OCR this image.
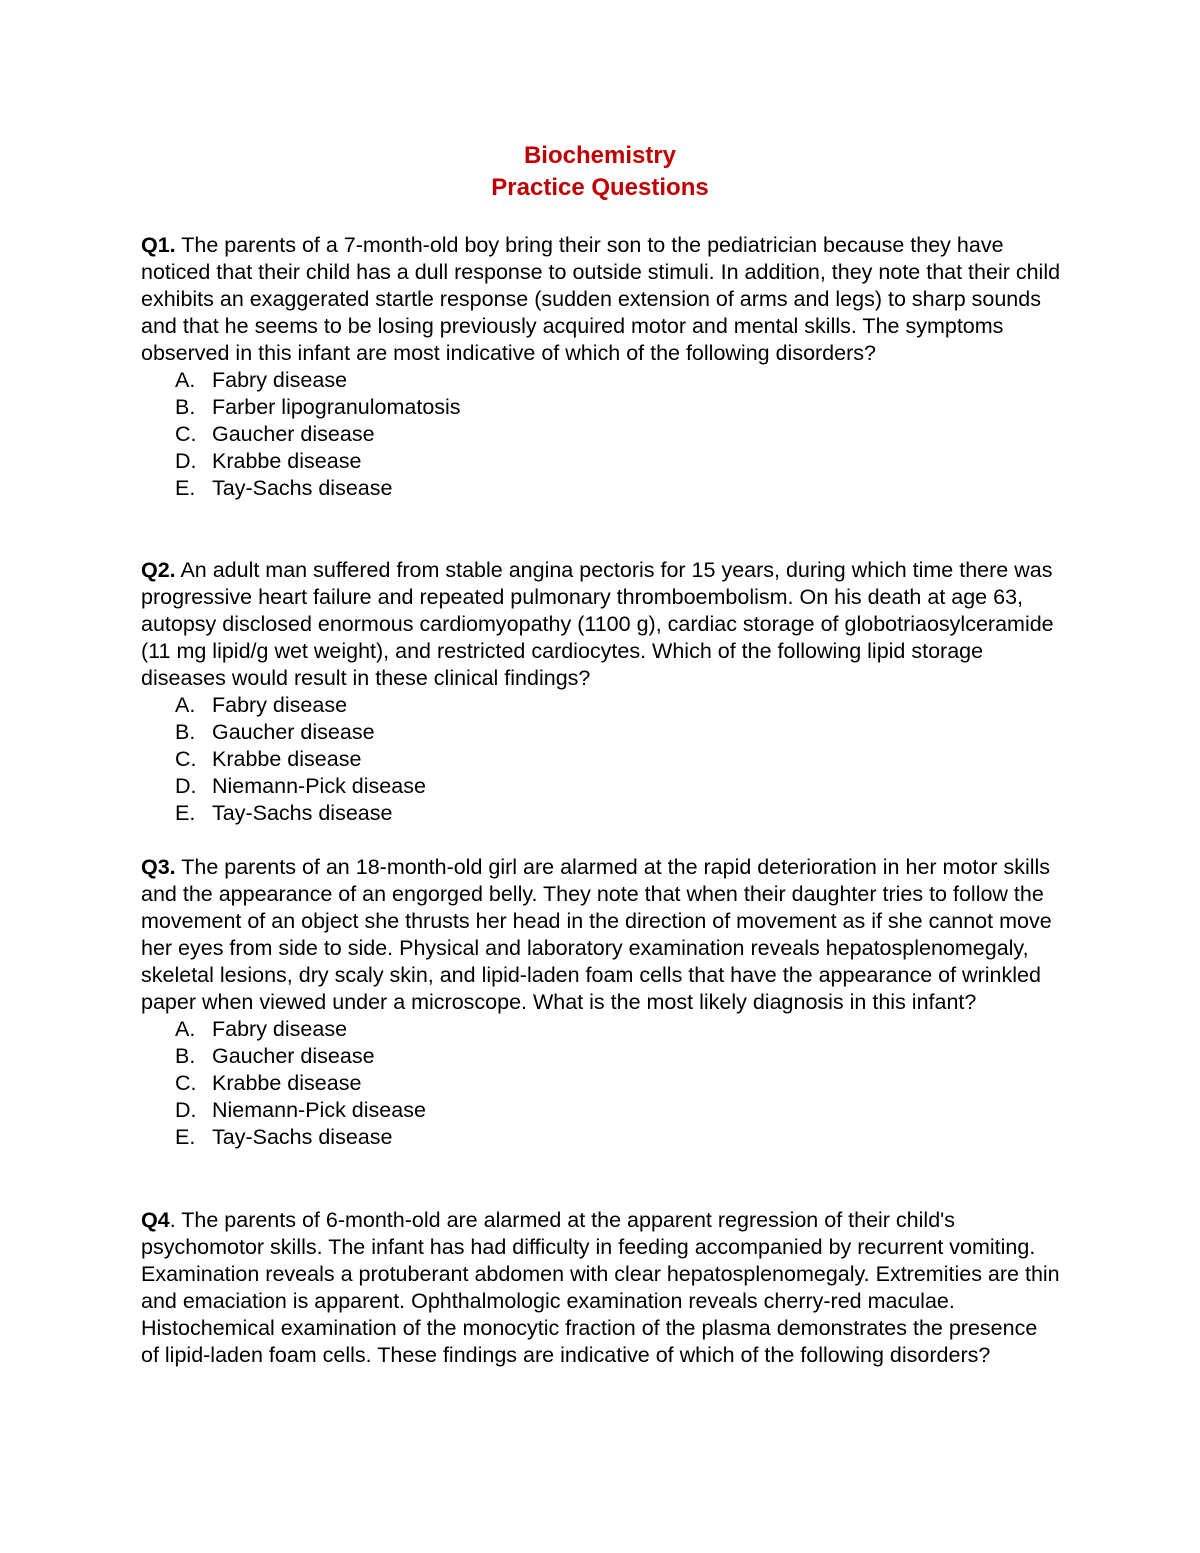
Biochemistry
Practice Questions

Q1. The parents of a 7-month-old boy bring their son to the pediatrician because they have noticed that their child has a dull response to outside stimuli. In addition, they note that their child exhibits an exaggerated startle response (sudden extension of arms and legs) to sharp sounds and that he seems to be losing previously acquired motor and mental skills. The symptoms observed in this infant are most indicative of which of the following disorders?

A. Fabry disease
B. Farber lipogranulomatosis
C. Gaucher disease
D. Krabbe disease
E. Tay-Sachs disease

Q2. An adult man suffered from stable angina pectoris for 15 years, during which time there was progressive heart failure and repeated pulmonary thromboembolism. On his death at age 63, autopsy disclosed enormous cardiomyopathy (1100 g), cardiac storage of globotriaosylceramide (11 mg lipid/g wet weight), and restricted cardiocytes. Which of the following lipid storage diseases would result in these clinical findings?

A. Fabry disease
B. Gaucher disease
C. Krabbe disease
D. Niemann-Pick disease
E. Tay-Sachs disease

Q3. The parents of an 18-month-old girl are alarmed at the rapid deterioration in her motor skills and the appearance of an engorged belly. They note that when their daughter tries to follow the movement of an object she thrusts her head in the direction of movement as if she cannot move her eyes from side to side. Physical and laboratory examination reveals hepatosplenomegaly, skeletal lesions, dry scaly skin, and lipid-laden foam cells that have the appearance of wrinkled paper when viewed under a microscope. What is the most likely diagnosis in this infant?

A. Fabry disease
B. Gaucher disease
C. Krabbe disease
D. Niemann-Pick disease
E. Tay-Sachs disease

Q4. The parents of 6-month-old are alarmed at the apparent regression of their child's psychomotor skills. The infant has had difficulty in feeding accompanied by recurrent vomiting. Examination reveals a protuberant abdomen with clear hepatosplenomegaly. Extremities are thin and emaciation is apparent. Ophthalmologic examination reveals cherry-red maculae. Histochemical examination of the monocytic fraction of the plasma demonstrates the presence of lipid-laden foam cells. These findings are indicative of which of the following disorders?
